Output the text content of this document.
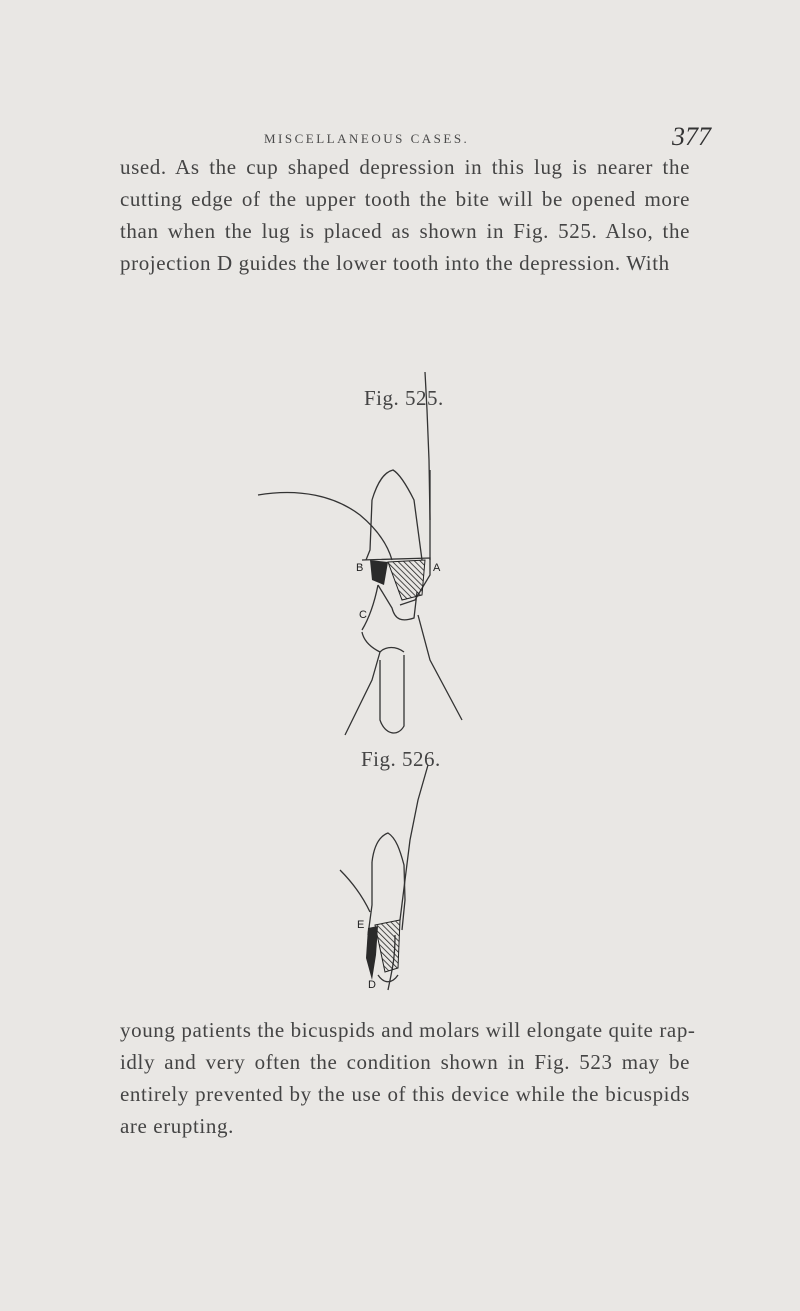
MISCELLANEOUS CASES.	377

used. As the cup shaped depression in this lug is nearer the
cutting edge of the upper tooth the bite will be opened more
than when the lug is placed as shown in Fig. 525. Also, the
projection D guides the lower tooth into the depression. With

Fig. 525.
B	A
C
Fig. 526.
E
D

young patients the bicuspids and molars will elongate quite rap-
idly and very often the condition shown in Fig. 523 may be
entirely prevented by the use of this device while the bicuspids
are erupting.
